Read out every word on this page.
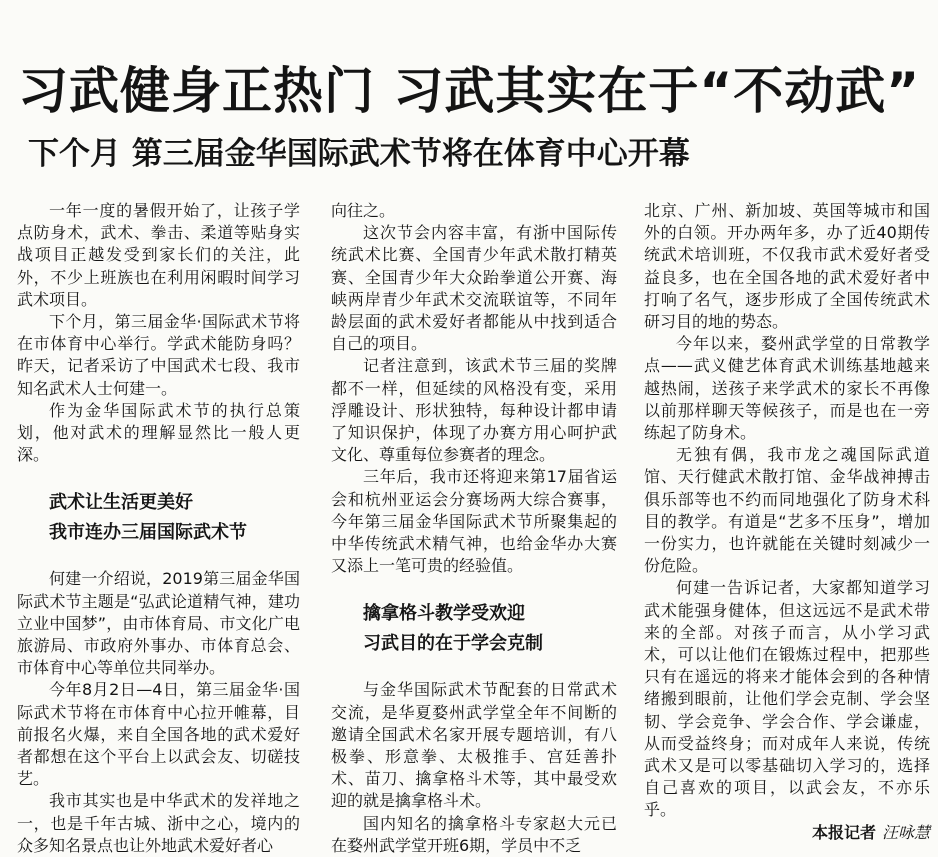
习武健身正热门 习武其实在于“不动武”
下个月 第三届金华国际武术节将在体育中心开幕

一年一度的暑假开始了，让孩子学点防身术，武术、拳击、柔道等贴身实战项目正越发受到家长们的关注，此外，不少上班族也在利用闲暇时间学习武术项目。

下个月，第三届金华·国际武术节将在市体育中心举行。学武术能防身吗？昨天，记者采访了中国武术七段、我市知名武术人士何建一。

作为金华国际武术节的执行总策划，他对武术的理解显然比一般人更深。

武术让生活更美好
我市连办三届国际武术节

何建一介绍说，2019第三届金华国际武术节主题是“弘武论道精气神，建功立业中国梦”，由市体育局、市文化广电旅游局、市政府外事办、市体育总会、市体育中心等单位共同举办。

今年8月2日—4日，第三届金华·国际武术节将在市体育中心拉开帷幕，目前报名火爆，来自全国各地的武术爱好者都想在这个平台上以武会友、切磋技艺。

我市其实也是中华武术的发祥地之一，也是千年古城、浙中之心，境内的众多知名景点也让外地武术爱好者心

向往之。

这次节会内容丰富，有浙中国际传统武术比赛、全国青少年武术散打精英赛、全国青少年大众跆拳道公开赛、海峡两岸青少年武术交流联谊等，不同年龄层面的武术爱好者都能从中找到适合自己的项目。

记者注意到，该武术节三届的奖牌都不一样，但延续的风格没有变，采用浮雕设计、形状独特，每种设计都申请了知识保护，体现了办赛方用心呵护武文化、尊重每位参赛者的理念。

三年后，我市还将迎来第17届省运会和杭州亚运会分赛场两大综合赛事，今年第三届金华国际武术节所聚集起的中华传统武术精气神，也给金华办大赛又添上一笔可贵的经验值。

擒拿格斗教学受欢迎
习武目的在于学会克制

与金华国际武术节配套的日常武术交流，是华夏婺州武学堂全年不间断的邀请全国武术名家开展专题培训，有八极拳、形意拳、太极推手、宫廷善扑术、苗刀、擒拿格斗术等，其中最受欢迎的就是擒拿格斗术。

国内知名的擒拿格斗专家赵大元已在婺州武学堂开班6期，学员中不乏

北京、广州、新加坡、英国等城市和国外的白领。开办两年多，办了近40期传统武术培训班，不仅我市武术爱好者受益良多，也在全国各地的武术爱好者中打响了名气，逐步形成了全国传统武术研习目的地的势态。

今年以来，婺州武学堂的日常教学点——武义健艺体育武术训练基地越来越热闹，送孩子来学武术的家长不再像以前那样聊天等候孩子，而是也在一旁练起了防身术。

无独有偶，我市龙之魂国际武道馆、天行健武术散打馆、金华战神搏击俱乐部等也不约而同地强化了防身术科目的教学。有道是“艺多不压身”，增加一份实力，也许就能在关键时刻减少一份危险。

何建一告诉记者，大家都知道学习武术能强身健体，但这远远不是武术带来的全部。对孩子而言，从小学习武术，可以让他们在锻炼过程中，把那些只有在遥远的将来才能体会到的各种情绪搬到眼前，让他们学会克制、学会坚韧、学会竞争、学会合作、学会谦虚，从而受益终身；而对成年人来说，传统武术又是可以零基础切入学习的，选择自己喜欢的项目，以武会友，不亦乐乎。

本报记者 汪咏慧
